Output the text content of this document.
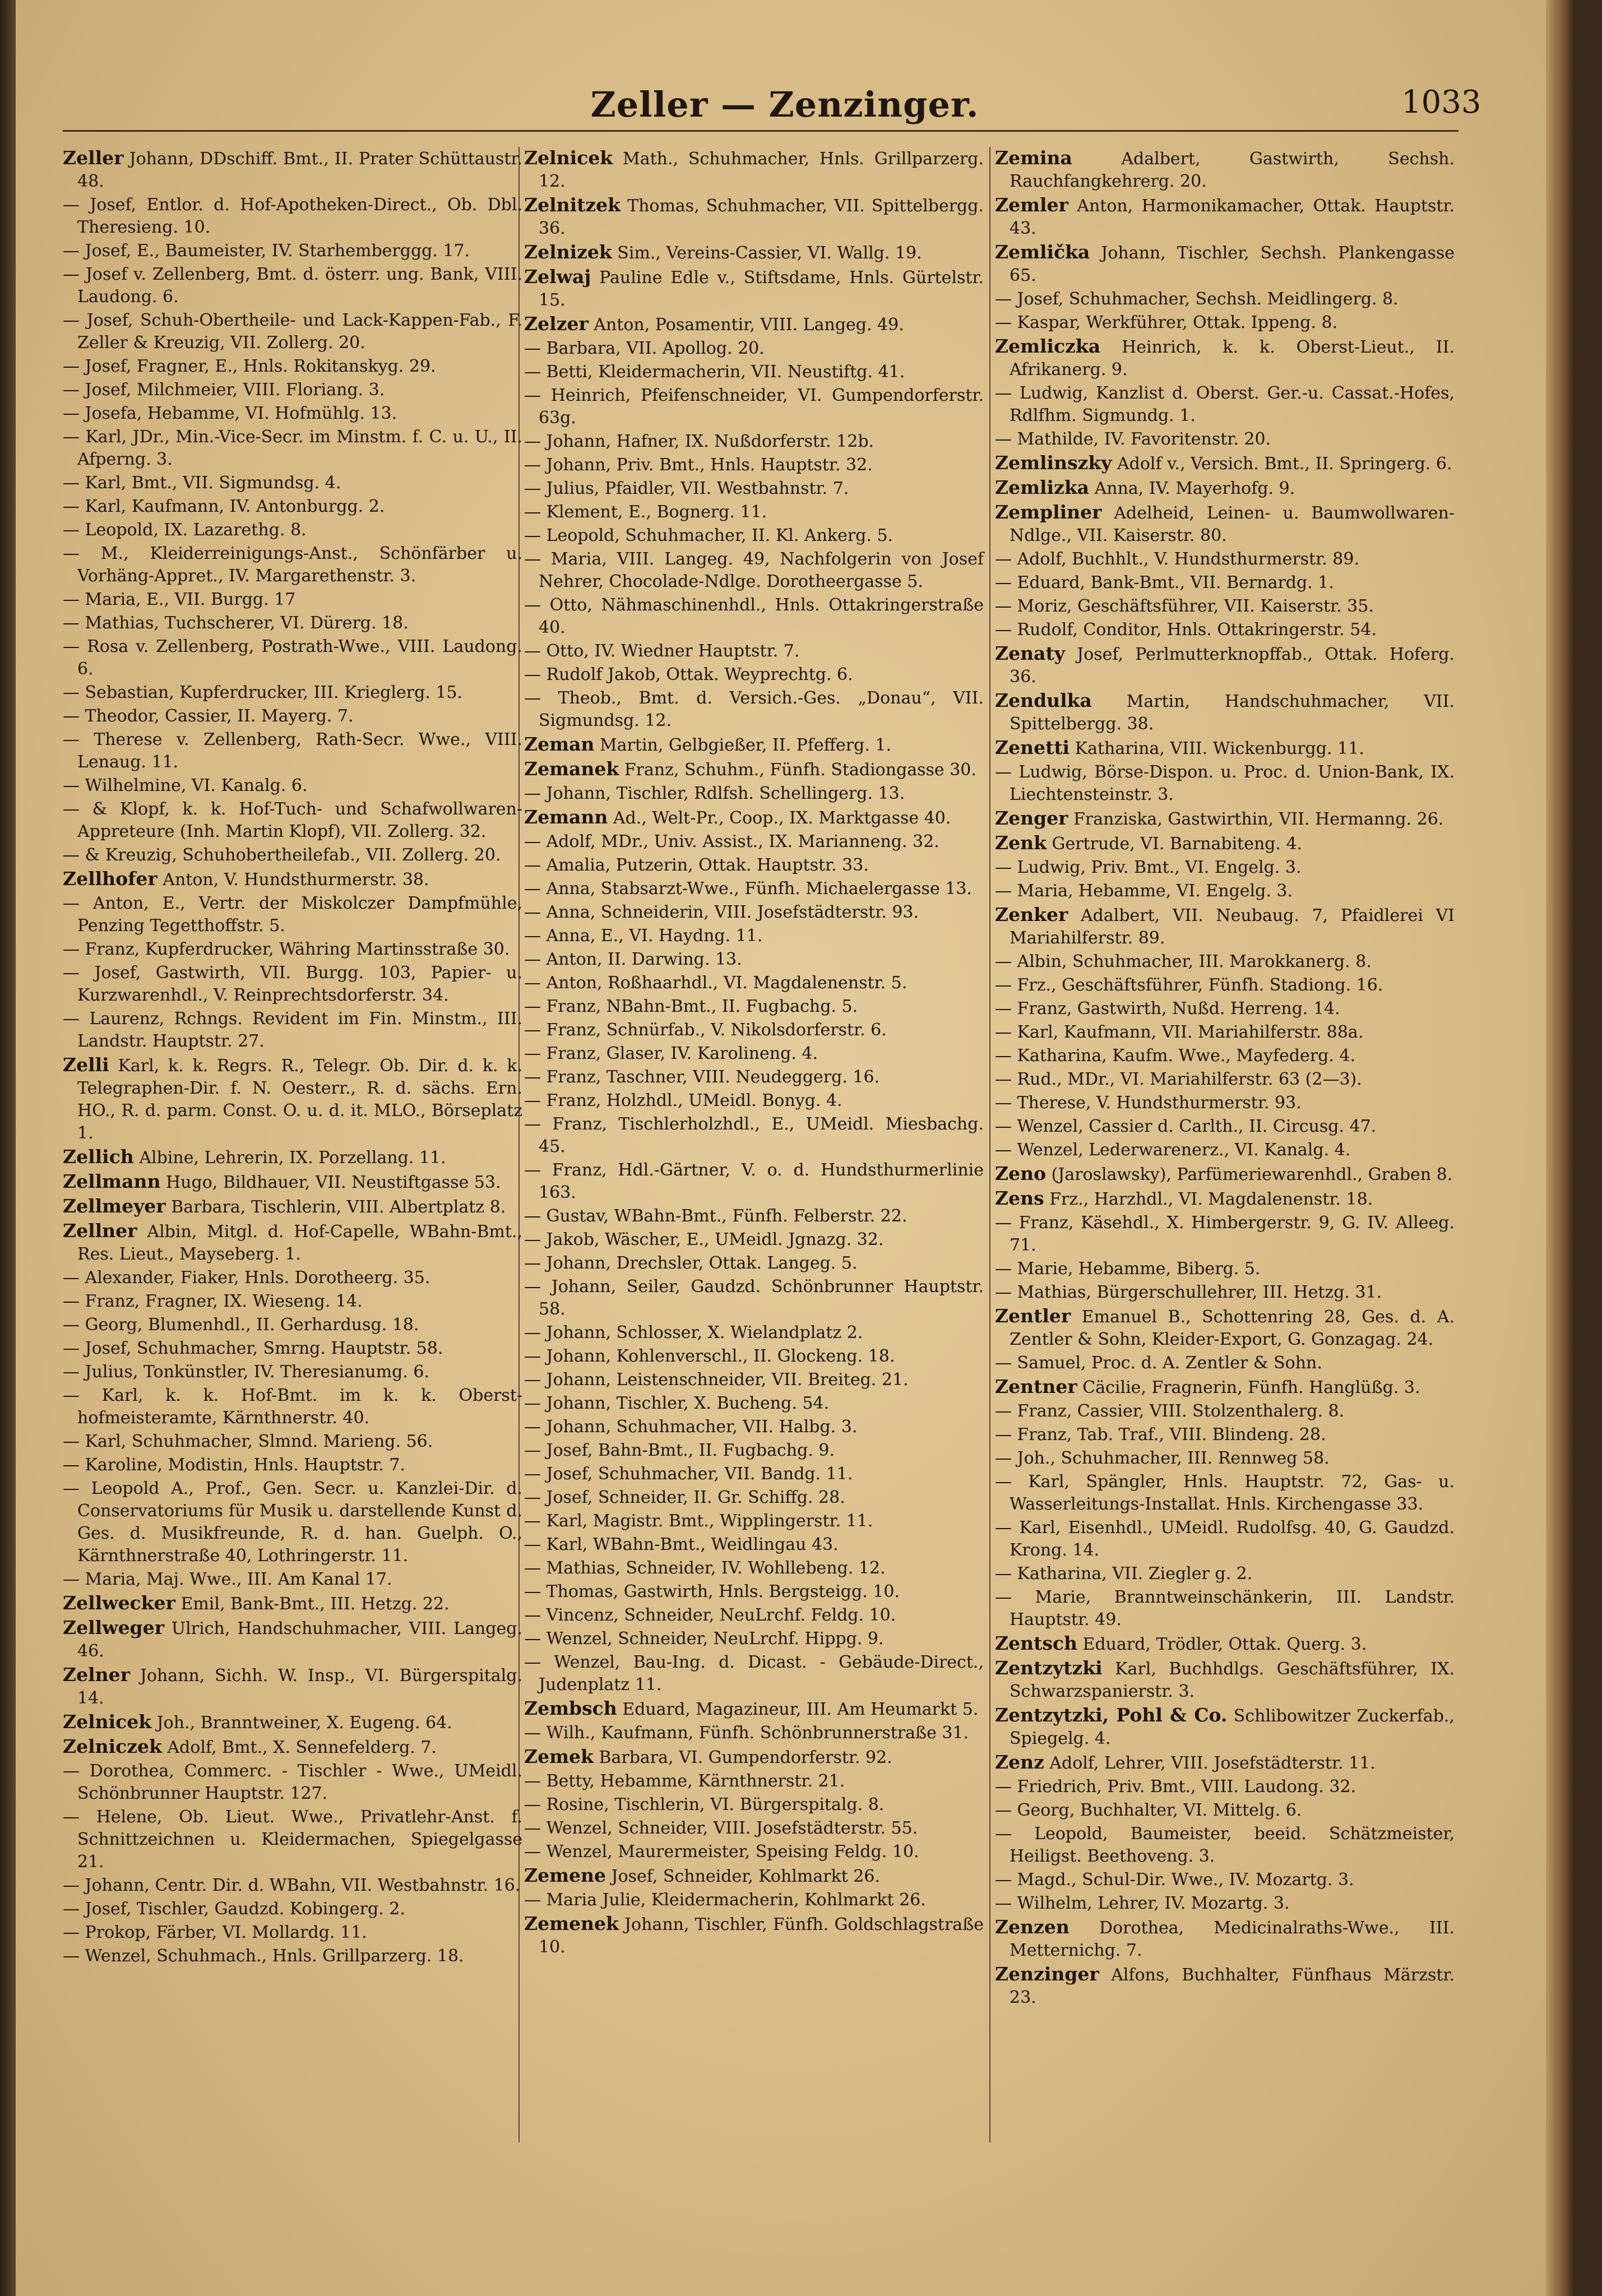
Zeller — Zenzinger.	1033

Zeller Johann, DDschiff. Bmt., II. Prater Schüttaustr. 48.

— Josef, Entlor. d. Hof-Apotheken-Direct., Ob. Dbl. Theresieng. 10.

— Josef, E., Baumeister, IV. Starhemberggg. 17.

— Josef v. Zellenberg, Bmt. d. österr. ung. Bank, VIII. Laudong. 6.

— Josef, Schuh-Obertheile- und Lack-Kappen-Fab., F. Zeller & Kreuzig, VII. Zollerg. 20.

— Josef, Fragner, E., Hnls. Rokitanskyg. 29.

— Josef, Milchmeier, VIII. Floriang. 3.

— Josefa, Hebamme, VI. Hofmühlg. 13.

— Karl, JDr., Min.-Vice-Secr. im Minstm. f. C. u. U., II. Afperng. 3.

— Karl, Bmt., VII. Sigmundsg. 4.

— Karl, Kaufmann, IV. Antonburgg. 2.

— Leopold, IX. Lazarethg. 8.

— M., Kleiderreinigungs-Anst., Schönfärber u. Vorhäng-Appret., IV. Margarethenstr. 3.

— Maria, E., VII. Burgg. 17

— Mathias, Tuchscherer, VI. Dürerg. 18.

— Rosa v. Zellenberg, Postrath-Wwe., VIII. Laudong. 6.

— Sebastian, Kupferdrucker, III. Krieglerg. 15.

— Theodor, Cassier, II. Mayerg. 7.

— Therese v. Zellenberg, Rath-Secr. Wwe., VIII. Lenaug. 11.

— Wilhelmine, VI. Kanalg. 6.

— & Klopf, k. k. Hof-Tuch- und Schafwollwaren-Appreteure (Inh. Martin Klopf), VII. Zollerg. 32.

— & Kreuzig, Schuhobertheilefab., VII. Zollerg. 20.

Zellhofer Anton, V. Hundsthurmerstr. 38.

— Anton, E., Vertr. der Miskolczer Dampfmühle, Penzing Tegetthoffstr. 5.

— Franz, Kupferdrucker, Währing Martinsstraße 30.

— Josef, Gastwirth, VII. Burgg. 103, Papier- u. Kurzwarenhdl., V. Reinprechtsdorferstr. 34.

— Laurenz, Rchngs. Revident im Fin. Minstm., III. Landstr. Hauptstr. 27.

Zelli Karl, k. k. Regrs. R., Telegr. Ob. Dir. d. k. k. Telegraphen-Dir. f. N. Oesterr., R. d. sächs. Ern. HO., R. d. parm. Const. O. u. d. it. MLO., Börseplatz 1.

Zellich Albine, Lehrerin, IX. Porzellang. 11.

Zellmann Hugo, Bildhauer, VII. Neustiftgasse 53.

Zellmeyer Barbara, Tischlerin, VIII. Albertplatz 8.

Zellner Albin, Mitgl. d. Hof-Capelle, WBahn-Bmt., Res. Lieut., Mayseberg. 1.

— Alexander, Fiaker, Hnls. Dorotheerg. 35.

— Franz, Fragner, IX. Wieseng. 14.

— Georg, Blumenhdl., II. Gerhardusg. 18.

— Josef, Schuhmacher, Smrng. Hauptstr. 58.

— Julius, Tonkünstler, IV. Theresianumg. 6.

— Karl, k. k. Hof-Bmt. im k. k. Oberst-hofmeisteramte, Kärnthnerstr. 40.

— Karl, Schuhmacher, Slmnd. Marieng. 56.

— Karoline, Modistin, Hnls. Hauptstr. 7.

— Leopold A., Prof., Gen. Secr. u. Kanzlei-Dir. d. Conservatoriums für Musik u. darstellende Kunst d. Ges. d. Musikfreunde, R. d. han. Guelph. O., Kärnthnerstraße 40, Lothringerstr. 11.

— Maria, Maj. Wwe., III. Am Kanal 17.

Zellwecker Emil, Bank-Bmt., III. Hetzg. 22.

Zellweger Ulrich, Handschuhmacher, VIII. Langeg. 46.

Zelner Johann, Sichh. W. Insp., VI. Bürgerspitalg. 14.

Zelnicek Joh., Branntweiner, X. Eugeng. 64.

Zelniczek Adolf, Bmt., X. Sennefelderg. 7.

— Dorothea, Commerc. - Tischler - Wwe., UMeidl. Schönbrunner Hauptstr. 127.

— Helene, Ob. Lieut. Wwe., Privatlehr-Anst. f. Schnittzeichnen u. Kleidermachen, Spiegelgasse 21.

— Johann, Centr. Dir. d. WBahn, VII. Westbahnstr. 16.

— Josef, Tischler, Gaudzd. Kobingerg. 2.

— Prokop, Färber, VI. Mollardg. 11.

— Wenzel, Schuhmach., Hnls. Grillparzerg. 18.

Zelnicek Math., Schuhmacher, Hnls. Grillparzerg. 12.

Zelnitzek Thomas, Schuhmacher, VII. Spittelbergg. 36.

Zelnizek Sim., Vereins-Cassier, VI. Wallg. 19.

Zelwaj Pauline Edle v., Stiftsdame, Hnls. Gürtelstr. 15.

Zelzer Anton, Posamentir, VIII. Langeg. 49.

— Barbara, VII. Apollog. 20.

— Betti, Kleidermacherin, VII. Neustiftg. 41.

— Heinrich, Pfeifenschneider, VI. Gumpendorferstr. 63g.

— Johann, Hafner, IX. Nußdorferstr. 12b.

— Johann, Priv. Bmt., Hnls. Hauptstr. 32.

— Julius, Pfaidler, VII. Westbahnstr. 7.

— Klement, E., Bognerg. 11.

— Leopold, Schuhmacher, II. Kl. Ankerg. 5.

— Maria, VIII. Langeg. 49, Nachfolgerin von Josef Nehrer, Chocolade-Ndlge. Dorotheergasse 5.

— Otto, Nähmaschinenhdl., Hnls. Ottakringerstraße 40.

— Otto, IV. Wiedner Hauptstr. 7.

— Rudolf Jakob, Ottak. Weyprechtg. 6.

— Theob., Bmt. d. Versich.-Ges. „Donau“, VII. Sigmundsg. 12.

Zeman Martin, Gelbgießer, II. Pfefferg. 1.

Zemanek Franz, Schuhm., Fünfh. Stadiongasse 30.

— Johann, Tischler, Rdlfsh. Schellingerg. 13.

Zemann Ad., Welt-Pr., Coop., IX. Marktgasse 40.

— Adolf, MDr., Univ. Assist., IX. Marianneng. 32.

— Amalia, Putzerin, Ottak. Hauptstr. 33.

— Anna, Stabsarzt-Wwe., Fünfh. Michaelergasse 13.

— Anna, Schneiderin, VIII. Josefstädterstr. 93.

— Anna, E., VI. Haydng. 11.

— Anton, II. Darwing. 13.

— Anton, Roßhaarhdl., VI. Magdalenenstr. 5.

— Franz, NBahn-Bmt., II. Fugbachg. 5.

— Franz, Schnürfab., V. Nikolsdorferstr. 6.

— Franz, Glaser, IV. Karolineng. 4.

— Franz, Taschner, VIII. Neudeggerg. 16.

— Franz, Holzhdl., UMeidl. Bonyg. 4.

— Franz, Tischlerholzhdl., E., UMeidl. Miesbachg. 45.

— Franz, Hdl.-Gärtner, V. o. d. Hundsthurmerlinie 163.

— Gustav, WBahn-Bmt., Fünfh. Felberstr. 22.

— Jakob, Wäscher, E., UMeidl. Jgnazg. 32.

— Johann, Drechsler, Ottak. Langeg. 5.

— Johann, Seiler, Gaudzd. Schönbrunner Hauptstr. 58.

— Johann, Schlosser, X. Wielandplatz 2.

— Johann, Kohlenverschl., II. Glockeng. 18.

— Johann, Leistenschneider, VII. Breiteg. 21.

— Johann, Tischler, X. Bucheng. 54.

— Johann, Schuhmacher, VII. Halbg. 3.

— Josef, Bahn-Bmt., II. Fugbachg. 9.

— Josef, Schuhmacher, VII. Bandg. 11.

— Josef, Schneider, II. Gr. Schiffg. 28.

— Karl, Magistr. Bmt., Wipplingerstr. 11.

— Karl, WBahn-Bmt., Weidlingau 43.

— Mathias, Schneider, IV. Wohllebeng. 12.

— Thomas, Gastwirth, Hnls. Bergsteigg. 10.

— Vincenz, Schneider, NeuLrchf. Feldg. 10.

— Wenzel, Schneider, NeuLrchf. Hippg. 9.

— Wenzel, Bau-Ing. d. Dicast. - Gebäude-Direct., Judenplatz 11.

Zembsch Eduard, Magazineur, III. Am Heumarkt 5.

— Wilh., Kaufmann, Fünfh. Schönbrunnerstraße 31.

Zemek Barbara, VI. Gumpendorferstr. 92.

— Betty, Hebamme, Kärnthnerstr. 21.

— Rosine, Tischlerin, VI. Bürgerspitalg. 8.

— Wenzel, Schneider, VIII. Josefstädterstr. 55.

— Wenzel, Maurermeister, Speising Feldg. 10.

Zemene Josef, Schneider, Kohlmarkt 26.

— Maria Julie, Kleidermacherin, Kohlmarkt 26.

Zemenek Johann, Tischler, Fünfh. Goldschlagstraße 10.

Zemina	Adalbert, Gastwirth, Sechsh. Rauchfangkehrerg. 20.

Zemler Anton, Harmonikamacher, Ottak. Hauptstr. 43.

Zemlička Johann, Tischler, Sechsh. Plankengasse 65.

— Josef, Schuhmacher, Sechsh. Meidlingerg. 8.

— Kaspar, Werkführer, Ottak. Ippeng. 8.

Zemliczka Heinrich, k. k. Oberst-Lieut., II. Afrikanerg. 9.

— Ludwig, Kanzlist d. Oberst. Ger.-u. Cassat.-Hofes, Rdlfhm. Sigmundg. 1.

— Mathilde, IV. Favoritenstr. 20.

Zemlinszky Adolf v., Versich. Bmt., II. Springerg. 6.

Zemlizka Anna, IV. Mayerhofg. 9.

Zempliner Adelheid, Leinen- u. Baumwollwaren-Ndlge., VII. Kaiserstr. 80.

— Adolf, Buchhlt., V. Hundsthurmerstr. 89.

— Eduard, Bank-Bmt., VII. Bernardg. 1.

— Moriz, Geschäftsführer, VII. Kaiserstr. 35.

— Rudolf, Conditor, Hnls. Ottakringerstr. 54.

Zenaty Josef, Perlmutterknopffab., Ottak. Hoferg. 36.

Zendulka Martin, Handschuhmacher, VII. Spittelbergg. 38.

Zenetti Katharina, VIII. Wickenburgg. 11.

— Ludwig, Börse-Dispon. u. Proc. d. Union-Bank, IX. Liechtensteinstr. 3.

Zenger Franziska, Gastwirthin, VII. Hermanng. 26.

Zenk Gertrude, VI. Barnabiteng. 4.

— Ludwig, Priv. Bmt., VI. Engelg. 3.

— Maria, Hebamme, VI. Engelg. 3.

Zenker Adalbert, VII. Neubaug. 7, Pfaidlerei VI Mariahilferstr. 89.

— Albin, Schuhmacher, III. Marokkanerg. 8.

— Frz., Geschäftsführer, Fünfh. Stadiong. 16.

— Franz, Gastwirth, Nußd. Herreng. 14.

— Karl, Kaufmann, VII. Mariahilferstr. 88a.

— Katharina, Kaufm. Wwe., Mayfederg. 4.

— Rud., MDr., VI. Mariahilferstr. 63 (2—3).

— Therese, V. Hundsthurmerstr. 93.

— Wenzel, Cassier d. Carlth., II. Circusg. 47.

— Wenzel, Lederwarenerz., VI. Kanalg. 4.

Zeno (Jaroslawsky), Parfümeriewarenhdl., Graben 8.

Zens Frz., Harzhdl., VI. Magdalenenstr. 18.

— Franz, Käsehdl., X. Himbergerstr. 9, G. IV. Alleeg. 71.

— Marie, Hebamme, Biberg. 5.

— Mathias, Bürgerschullehrer, III. Hetzg. 31.

Zentler Emanuel B., Schottenring 28, Ges. d. A. Zentler & Sohn, Kleider-Export, G. Gonzagag. 24.

— Samuel, Proc. d. A. Zentler & Sohn.

Zentner Cäcilie, Fragnerin, Fünfh. Hanglüßg. 3.

— Franz, Cassier, VIII. Stolzenthalerg. 8.

— Franz, Tab. Traf., VIII. Blindeng. 28.

— Joh., Schuhmacher, III. Rennweg 58.

— Karl, Spängler, Hnls. Hauptstr. 72, Gas- u. Wasserleitungs-Installat. Hnls. Kirchengasse 33.

— Karl, Eisenhdl., UMeidl. Rudolfsg. 40, G. Gaudzd. Krong. 14.

— Katharina, VII. Ziegler g. 2.

— Marie, Branntweinschänkerin, III. Landstr. Hauptstr. 49.

Zentsch Eduard, Trödler, Ottak. Querg. 3.

Zentzytzki Karl, Buchhdlgs. Geschäftsführer, IX. Schwarzspanierstr. 3.

Zentzytzki, Pohl & Co. Schlibowitzer Zuckerfab., Spiegelg. 4.

Zenz Adolf, Lehrer, VIII. Josefstädterstr. 11.

— Friedrich, Priv. Bmt., VIII. Laudong. 32.

— Georg, Buchhalter, VI. Mittelg. 6.

— Leopold, Baumeister, beeid. Schätzmeister, Heiligst. Beethoveng. 3.

— Magd., Schul-Dir. Wwe., IV. Mozartg. 3.

— Wilhelm, Lehrer, IV. Mozartg. 3.

Zenzen Dorothea, Medicinalraths-Wwe., III. Metternichg. 7.

Zenzinger Alfons, Buchhalter, Fünfhaus Märzstr. 23.
